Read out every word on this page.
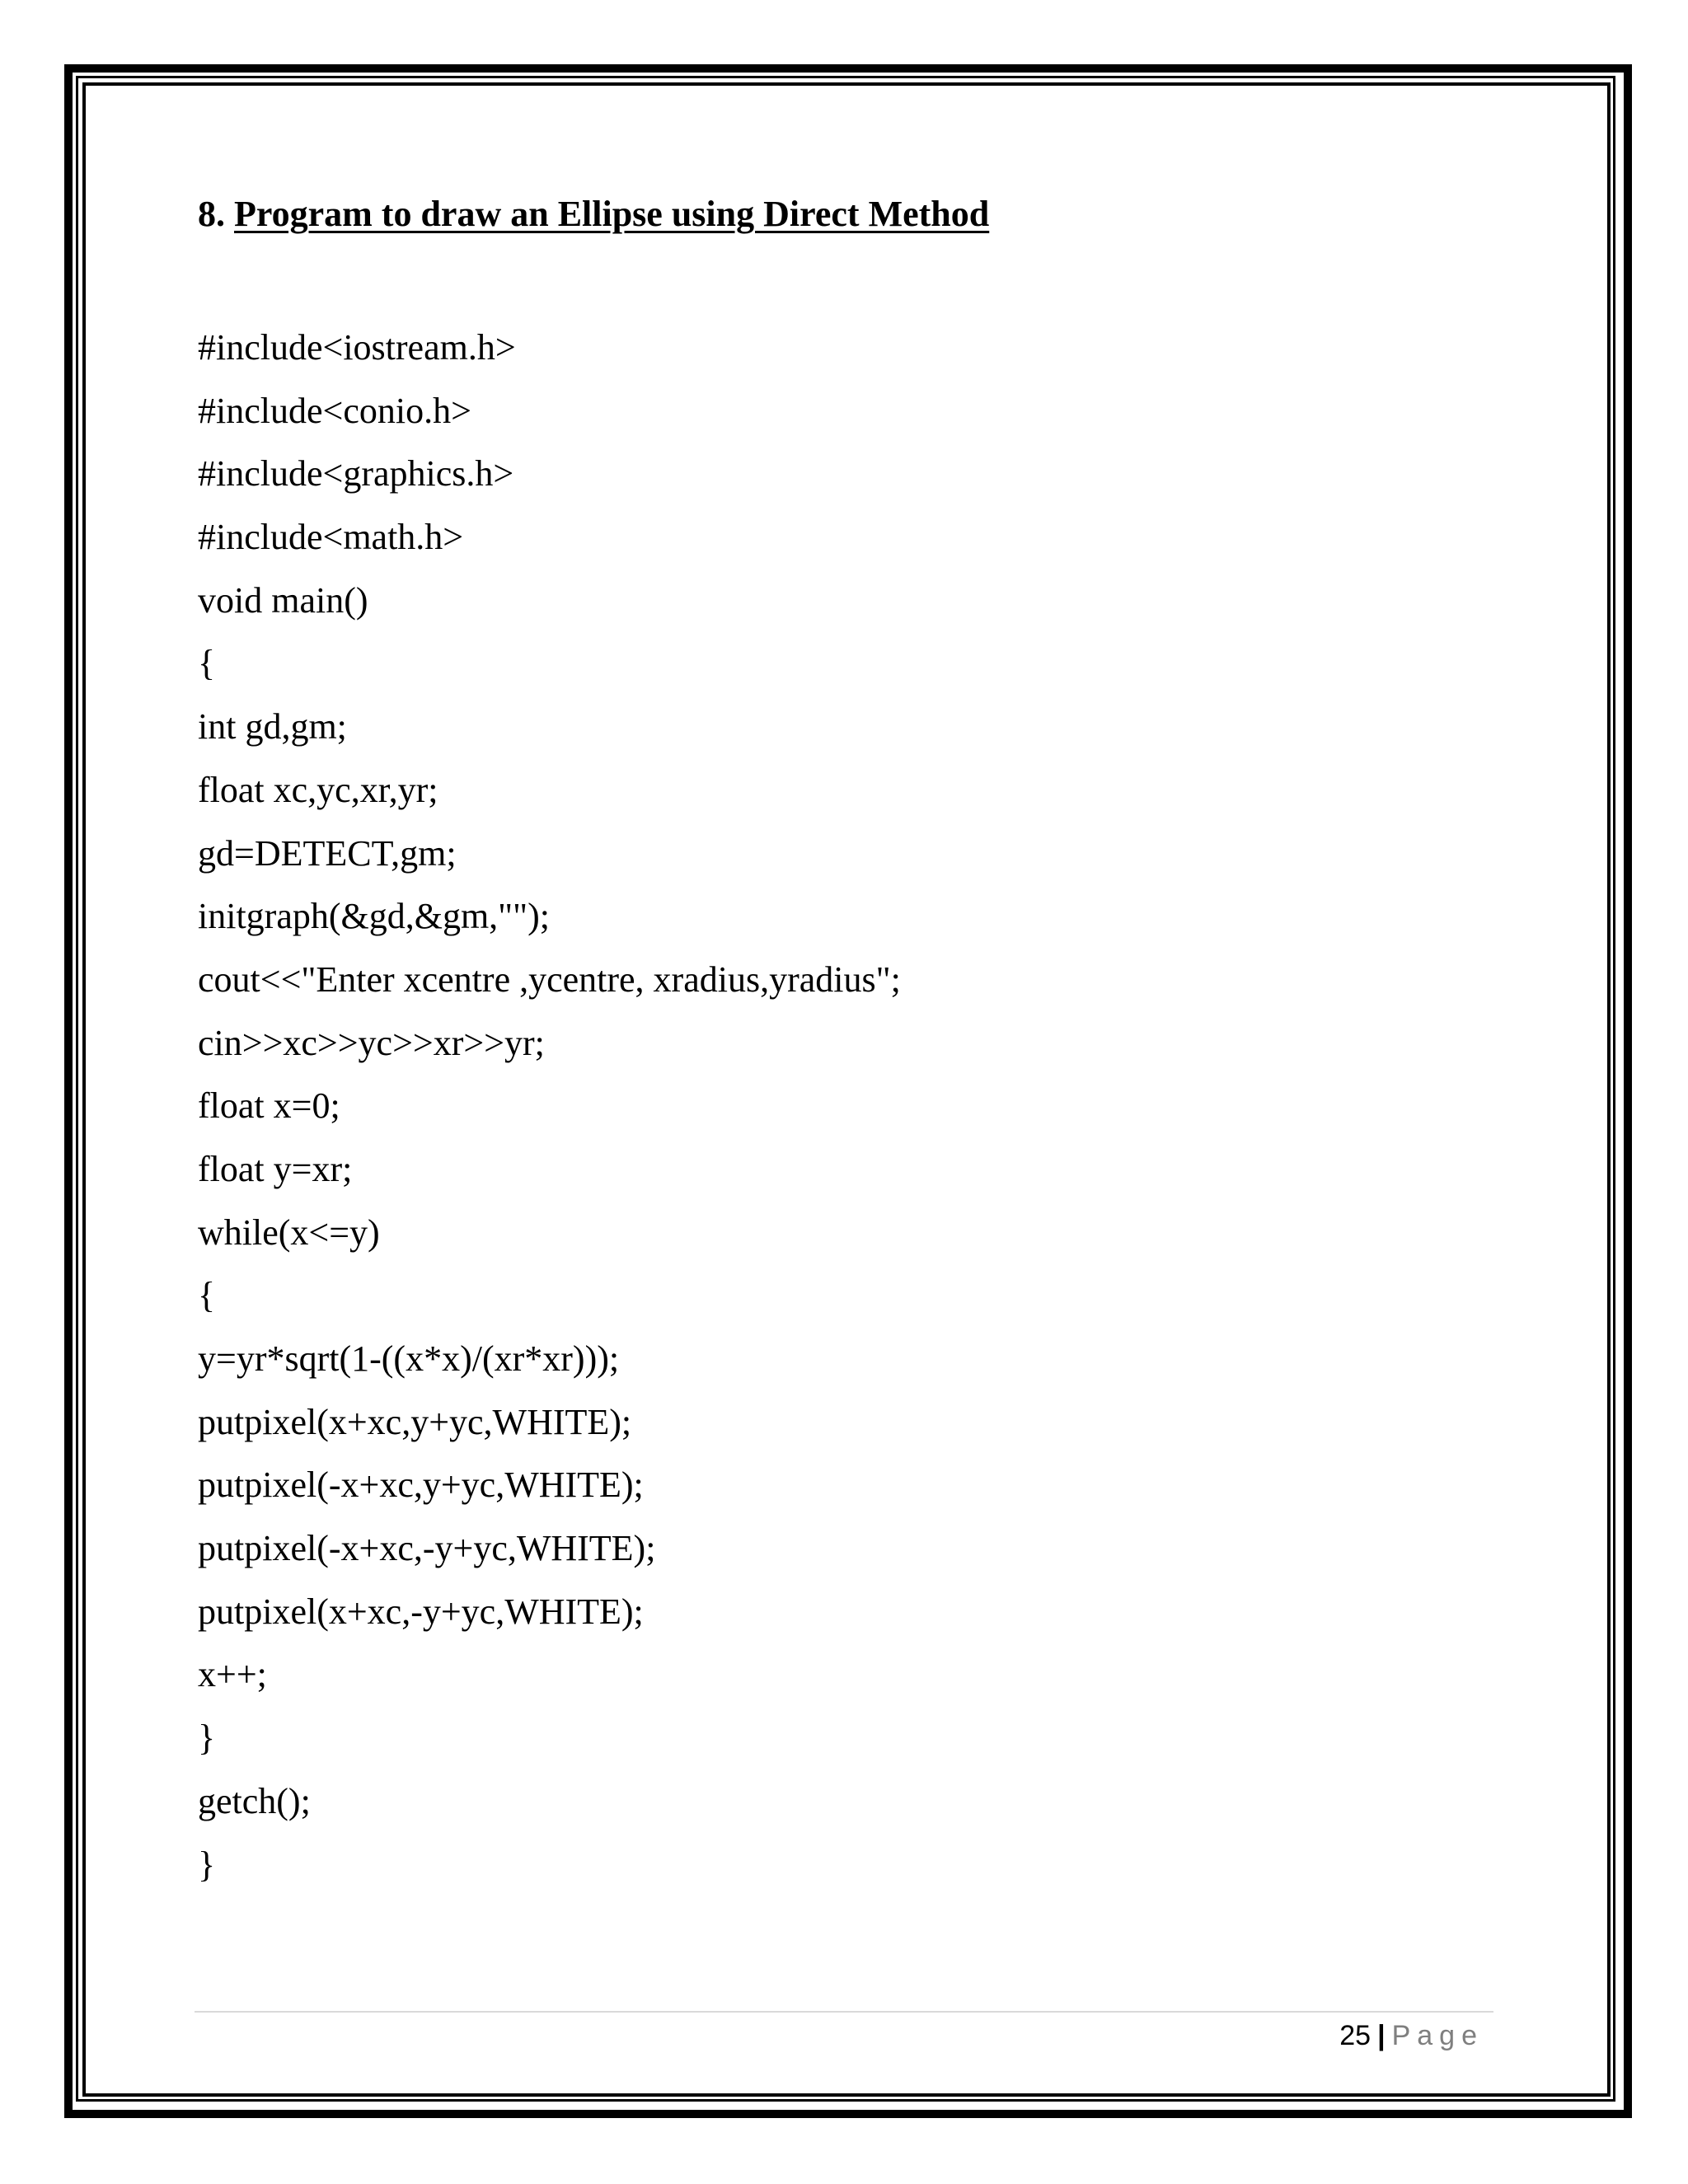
8. Program to draw an Ellipse using Direct Method
#include<iostream.h>
#include<conio.h>
#include<graphics.h>
#include<math.h>
void main()
{
int gd,gm;
float xc,yc,xr,yr;
gd=DETECT,gm;
initgraph(&gd,&gm,"");
cout<<"Enter xcentre ,ycentre, xradius,yradius";
cin>>xc>>yc>>xr>>yr;
float x=0;
float y=xr;
while(x<=y)
{
y=yr*sqrt(1-((x*x)/(xr*xr)));
putpixel(x+xc,y+yc,WHITE);
putpixel(-x+xc,y+yc,WHITE);
putpixel(-x+xc,-y+yc,WHITE);
putpixel(x+xc,-y+yc,WHITE);
x++;
}
getch();
}
25 | Page
